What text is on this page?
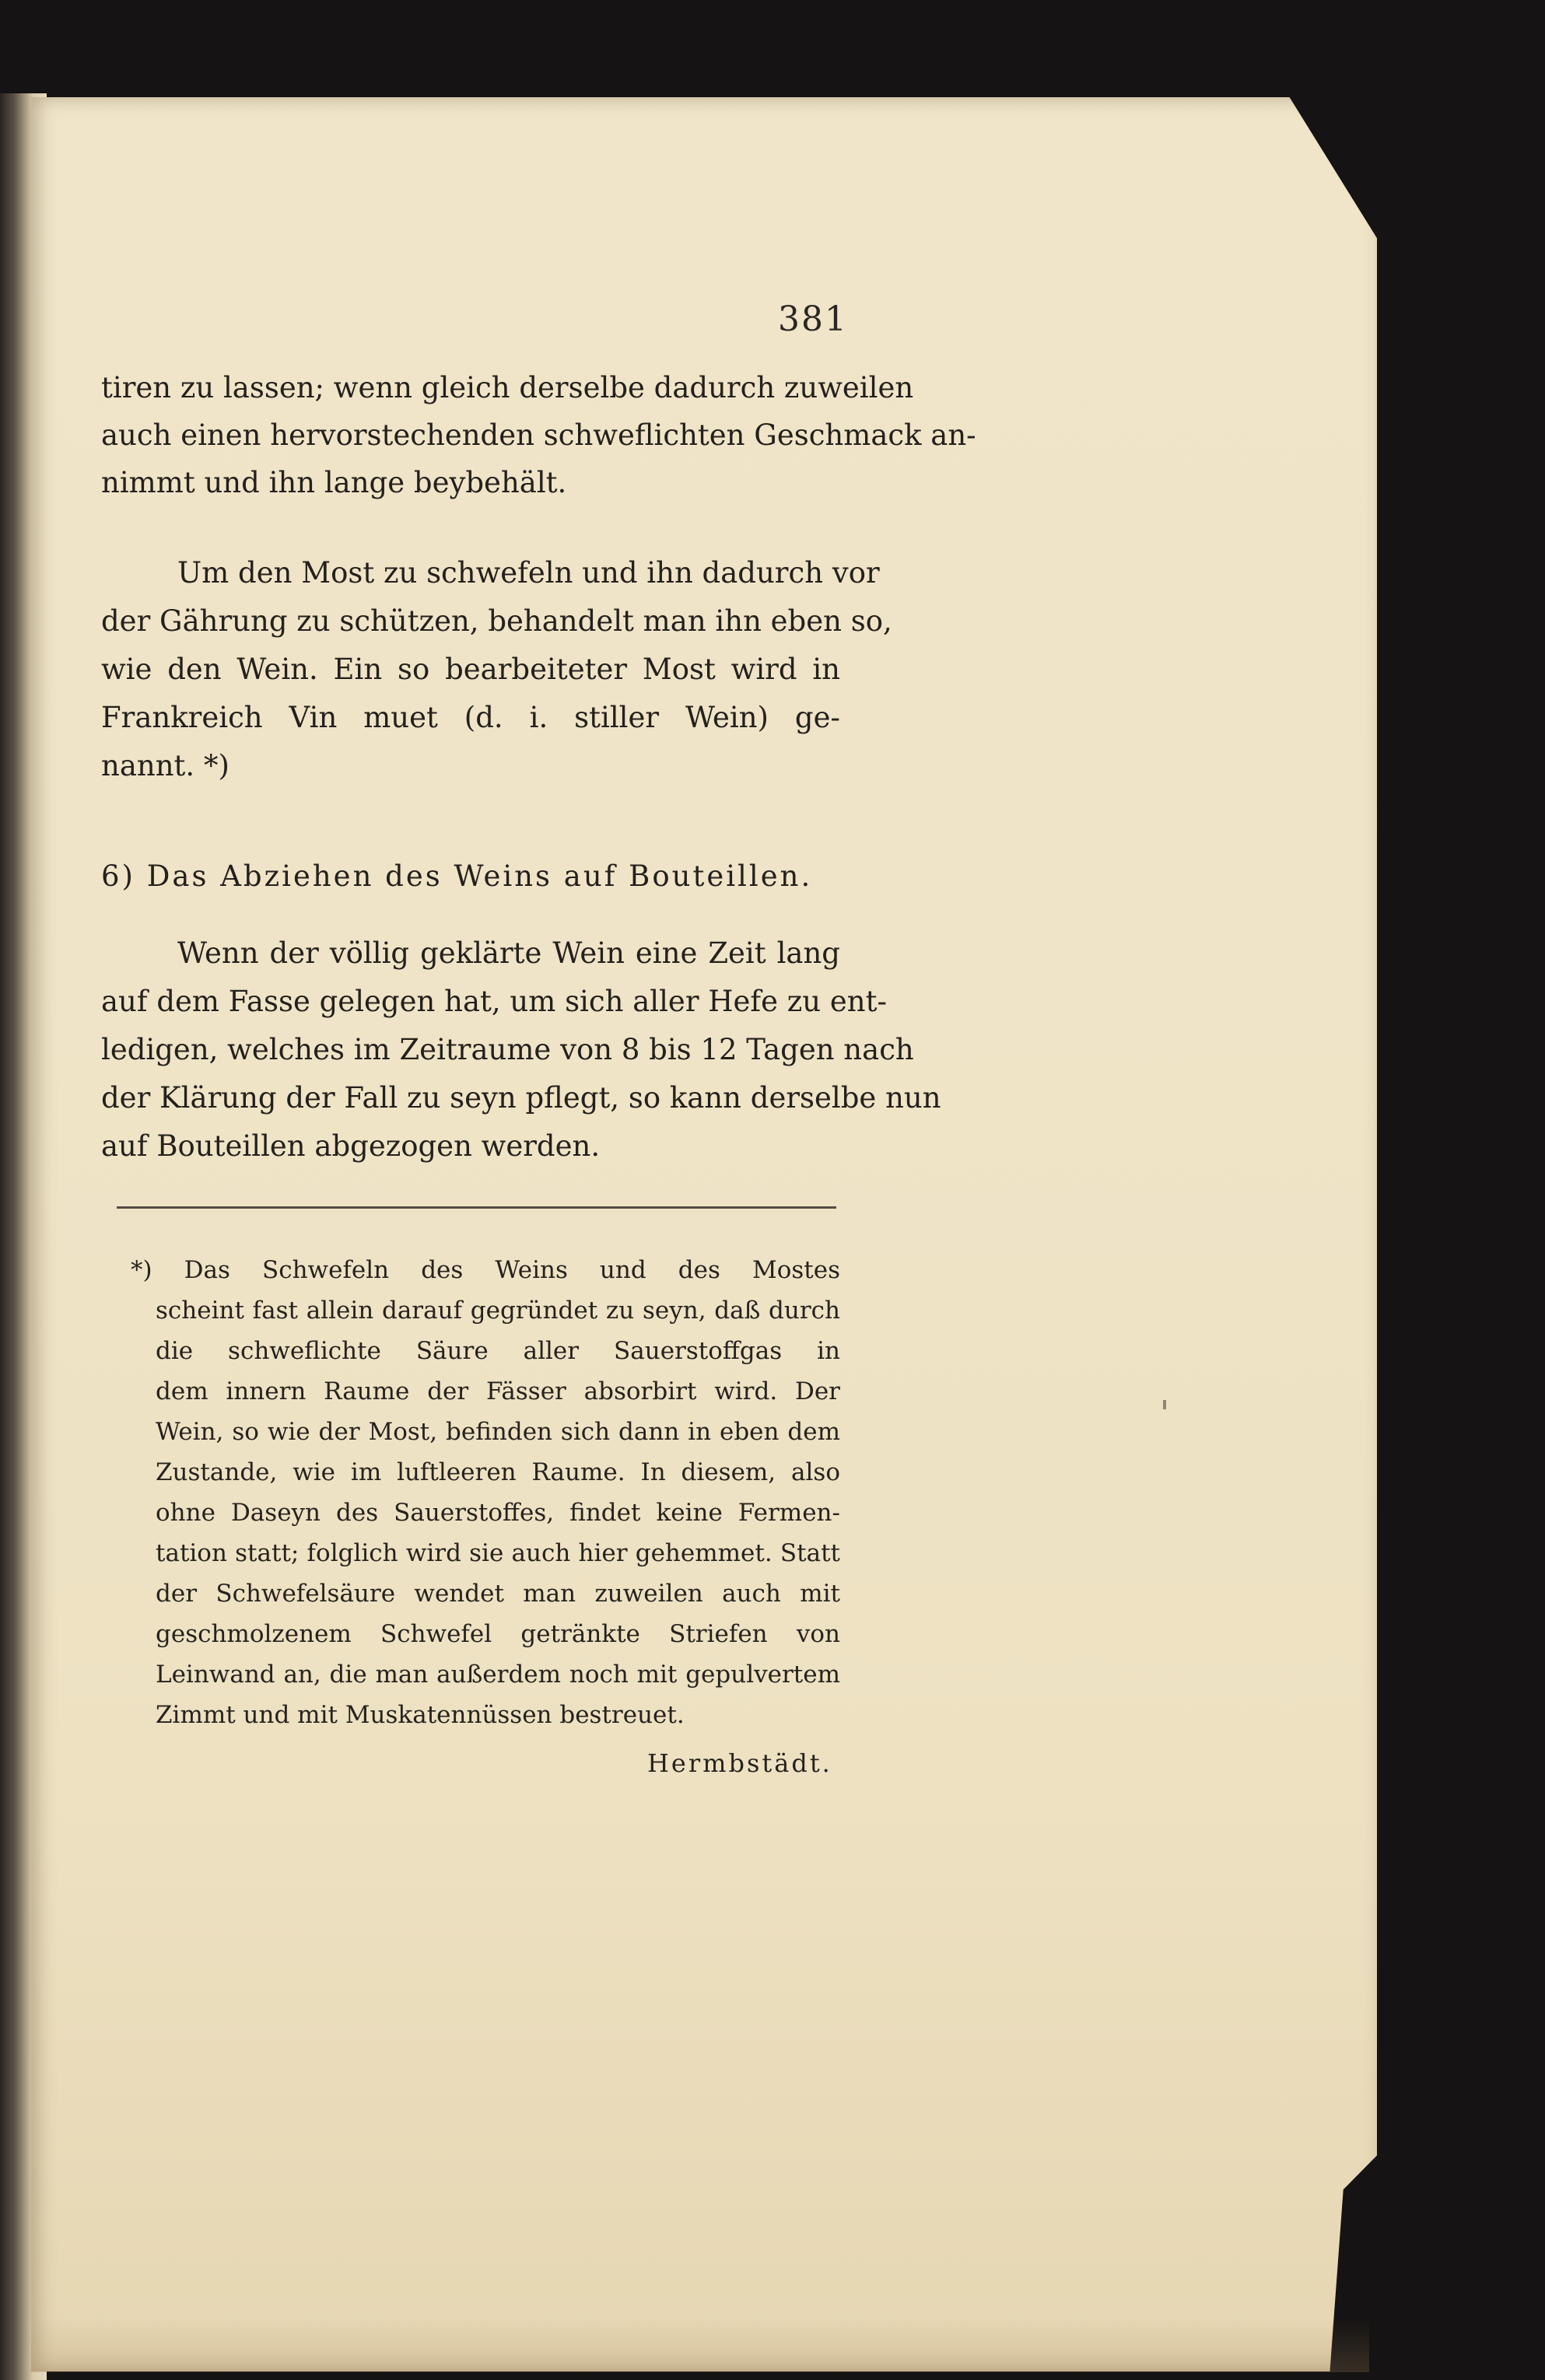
381
tiren zu lassen; wenn gleich derselbe dadurch zuweilen
auch einen hervorstechenden schweflichten Geschmack an-
nimmt und ihn lange beybehält.
Um den Most zu schwefeln und ihn dadurch vor
der Gährung zu schützen, behandelt man ihn eben so,
wie den Wein. Ein so bearbeiteter Most wird in
Frankreich Vin muet (d. i. stiller Wein) ge-
nannt. *)
6) Das Abziehen des Weins auf Bouteillen.
Wenn der völlig geklärte Wein eine Zeit lang
auf dem Fasse gelegen hat, um sich aller Hefe zu ent-
ledigen, welches im Zeitraume von 8 bis 12 Tagen nach
der Klärung der Fall zu seyn pflegt, so kann derselbe nun
auf Bouteillen abgezogen werden.
*) Das Schwefeln des Weins und des Mostes
scheint fast allein darauf gegründet zu seyn, daß durch
die schweflichte Säure aller Sauerstoffgas in
dem innern Raume der Fässer absorbirt wird. Der
Wein, so wie der Most, befinden sich dann in eben dem
Zustande, wie im luftleeren Raume. In diesem, also
ohne Daseyn des Sauerstoffes, findet keine Fermen-
tation statt; folglich wird sie auch hier gehemmet. Statt
der Schwefelsäure wendet man zuweilen auch mit
geschmolzenem Schwefel getränkte Striefen von
Leinwand an, die man außerdem noch mit gepulvertem
Zimmt und mit Muskatennüssen bestreuet.
Hermbstädt.
